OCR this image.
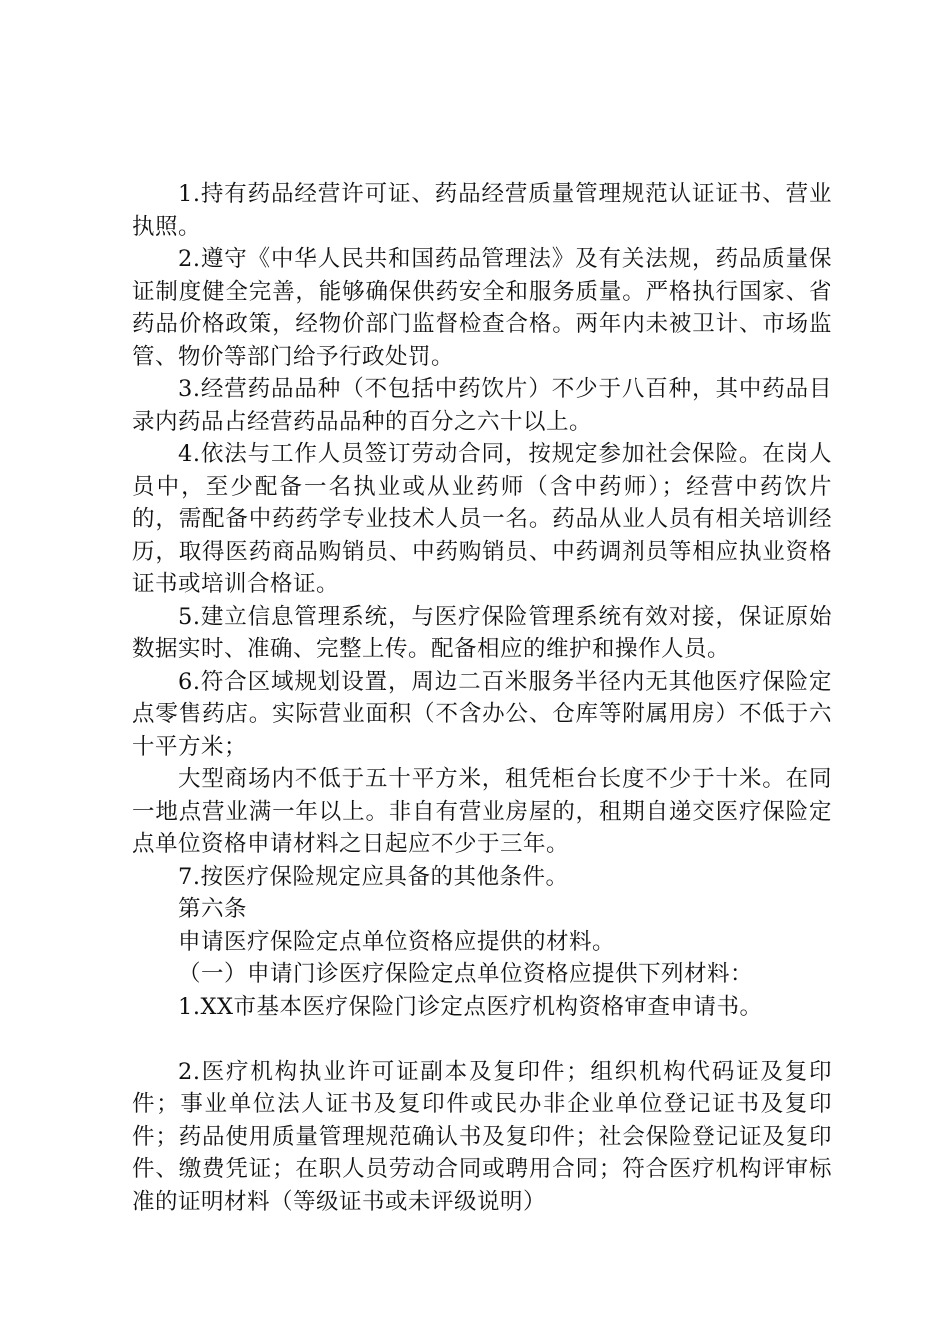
1.持有药品经营许可证、药品经营质量管理规范认证证书、营业执照。

2.遵守《中华人民共和国药品管理法》及有关法规，药品质量保证制度健全完善，能够确保供药安全和服务质量。严格执行国家、省药品价格政策，经物价部门监督检查合格。两年内未被卫计、市场监管、物价等部门给予行政处罚。

3.经营药品品种（不包括中药饮片）不少于八百种，其中药品目录内药品占经营药品品种的百分之六十以上。

4.依法与工作人员签订劳动合同，按规定参加社会保险。在岗人员中，至少配备一名执业或从业药师（含中药师）；经营中药饮片的，需配备中药药学专业技术人员一名。药品从业人员有相关培训经历，取得医药商品购销员、中药购销员、中药调剂员等相应执业资格证书或培训合格证。

5.建立信息管理系统，与医疗保险管理系统有效对接，保证原始数据实时、准确、完整上传。配备相应的维护和操作人员。

6.符合区域规划设置，周边二百米服务半径内无其他医疗保险定点零售药店。实际营业面积（不含办公、仓库等附属用房）不低于六十平方米；

大型商场内不低于五十平方米，租凭柜台长度不少于十米。在同一地点营业满一年以上。非自有营业房屋的，租期自递交医疗保险定点单位资格申请材料之日起应不少于三年。

7.按医疗保险规定应具备的其他条件。

第六条

申请医疗保险定点单位资格应提供的材料。

（一）申请门诊医疗保险定点单位资格应提供下列材料：

1.XX市基本医疗保险门诊定点医疗机构资格审查申请书。

2.医疗机构执业许可证副本及复印件；组织机构代码证及复印件；事业单位法人证书及复印件或民办非企业单位登记证书及复印件；药品使用质量管理规范确认书及复印件；社会保险登记证及复印件、缴费凭证；在职人员劳动合同或聘用合同；符合医疗机构评审标准的证明材料（等级证书或未评级说明）
